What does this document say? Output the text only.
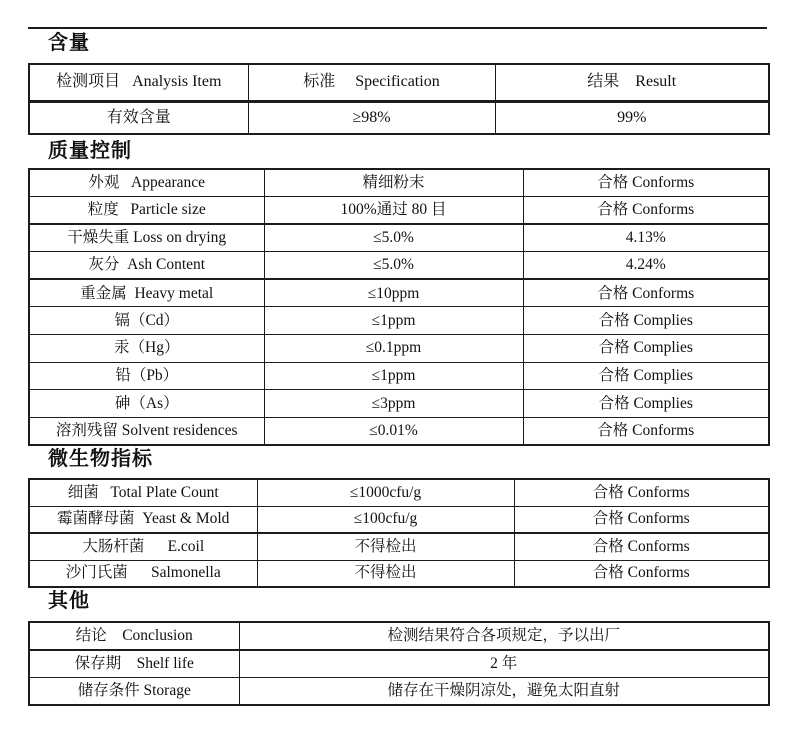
含量
检测项目   Analysis Item	标准　 Specification	结果　Result
有效含量	≥98%	99%
质量控制
外观   Appearance	精细粉末	合格 Conforms
粒度   Particle size	100%通过 80 目	合格 Conforms
干燥失重 Loss on drying	≤5.0%	4.13%
灰分  Ash Content	≤5.0%	4.24%
重金属  Heavy metal	≤10ppm	合格 Conforms
镉（Cd）	≤1ppm	合格 Complies
汞（Hg）	≤0.1ppm	合格 Complies
铅（Pb）	≤1ppm	合格 Complies
砷（As）	≤3ppm	合格 Complies
溶剂残留 Solvent residences	≤0.01%	合格 Conforms
微生物指标
细菌   Total Plate Count	≤1000cfu/g	合格 Conforms
霉菌酵母菌  Yeast & Mold	≤100cfu/g	合格 Conforms
大肠杆菌　  E.coil	不得检出	合格 Conforms
沙门氏菌　  Salmonella	不得检出	合格 Conforms
其他
结论　Conclusion	检测结果符合各项规定，予以出厂
保存期　Shelf life	2 年
储存条件 Storage	储存在干燥阴凉处，避免太阳直射
